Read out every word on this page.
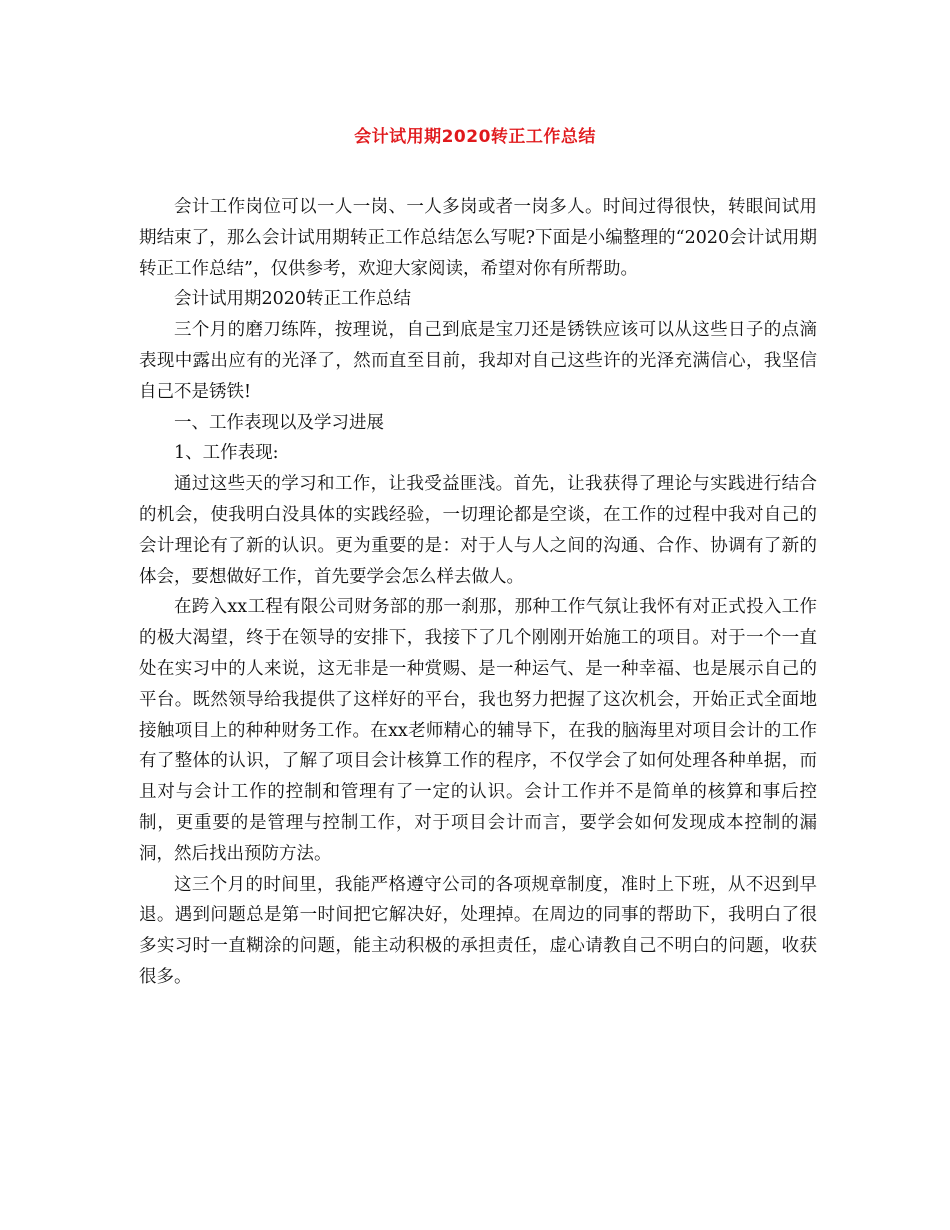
会计试用期2020转正工作总结

会计工作岗位可以一人一岗、一人多岗或者一岗多人。时间过得很快，转眼间试用期结束了，那么会计试用期转正工作总结怎么写呢?下面是小编整理的“2020会计试用期转正工作总结”，仅供参考，欢迎大家阅读，希望对你有所帮助。

会计试用期2020转正工作总结

三个月的磨刀练阵，按理说，自己到底是宝刀还是锈铁应该可以从这些日子的点滴表现中露出应有的光泽了，然而直至目前，我却对自己这些许的光泽充满信心，我坚信自己不是锈铁!

一、工作表现以及学习进展

1、工作表现:

通过这些天的学习和工作，让我受益匪浅。首先，让我获得了理论与实践进行结合的机会，使我明白没具体的实践经验，一切理论都是空谈，在工作的过程中我对自己的会计理论有了新的认识。更为重要的是：对于人与人之间的沟通、合作、协调有了新的体会，要想做好工作，首先要学会怎么样去做人。

在跨入xx工程有限公司财务部的那一刹那，那种工作气氛让我怀有对正式投入工作的极大渴望，终于在领导的安排下，我接下了几个刚刚开始施工的项目。对于一个一直处在实习中的人来说，这无非是一种赏赐、是一种运气、是一种幸福、也是展示自己的平台。既然领导给我提供了这样好的平台，我也努力把握了这次机会，开始正式全面地接触项目上的种种财务工作。在xx老师精心的辅导下，在我的脑海里对项目会计的工作有了整体的认识，了解了项目会计核算工作的程序，不仅学会了如何处理各种单据，而且对与会计工作的控制和管理有了一定的认识。会计工作并不是简单的核算和事后控制，更重要的是管理与控制工作，对于项目会计而言，要学会如何发现成本控制的漏洞，然后找出预防方法。

这三个月的时间里，我能严格遵守公司的各项规章制度，准时上下班，从不迟到早退。遇到问题总是第一时间把它解决好，处理掉。在周边的同事的帮助下，我明白了很多实习时一直糊涂的问题，能主动积极的承担责任，虚心请教自己不明白的问题，收获很多。
